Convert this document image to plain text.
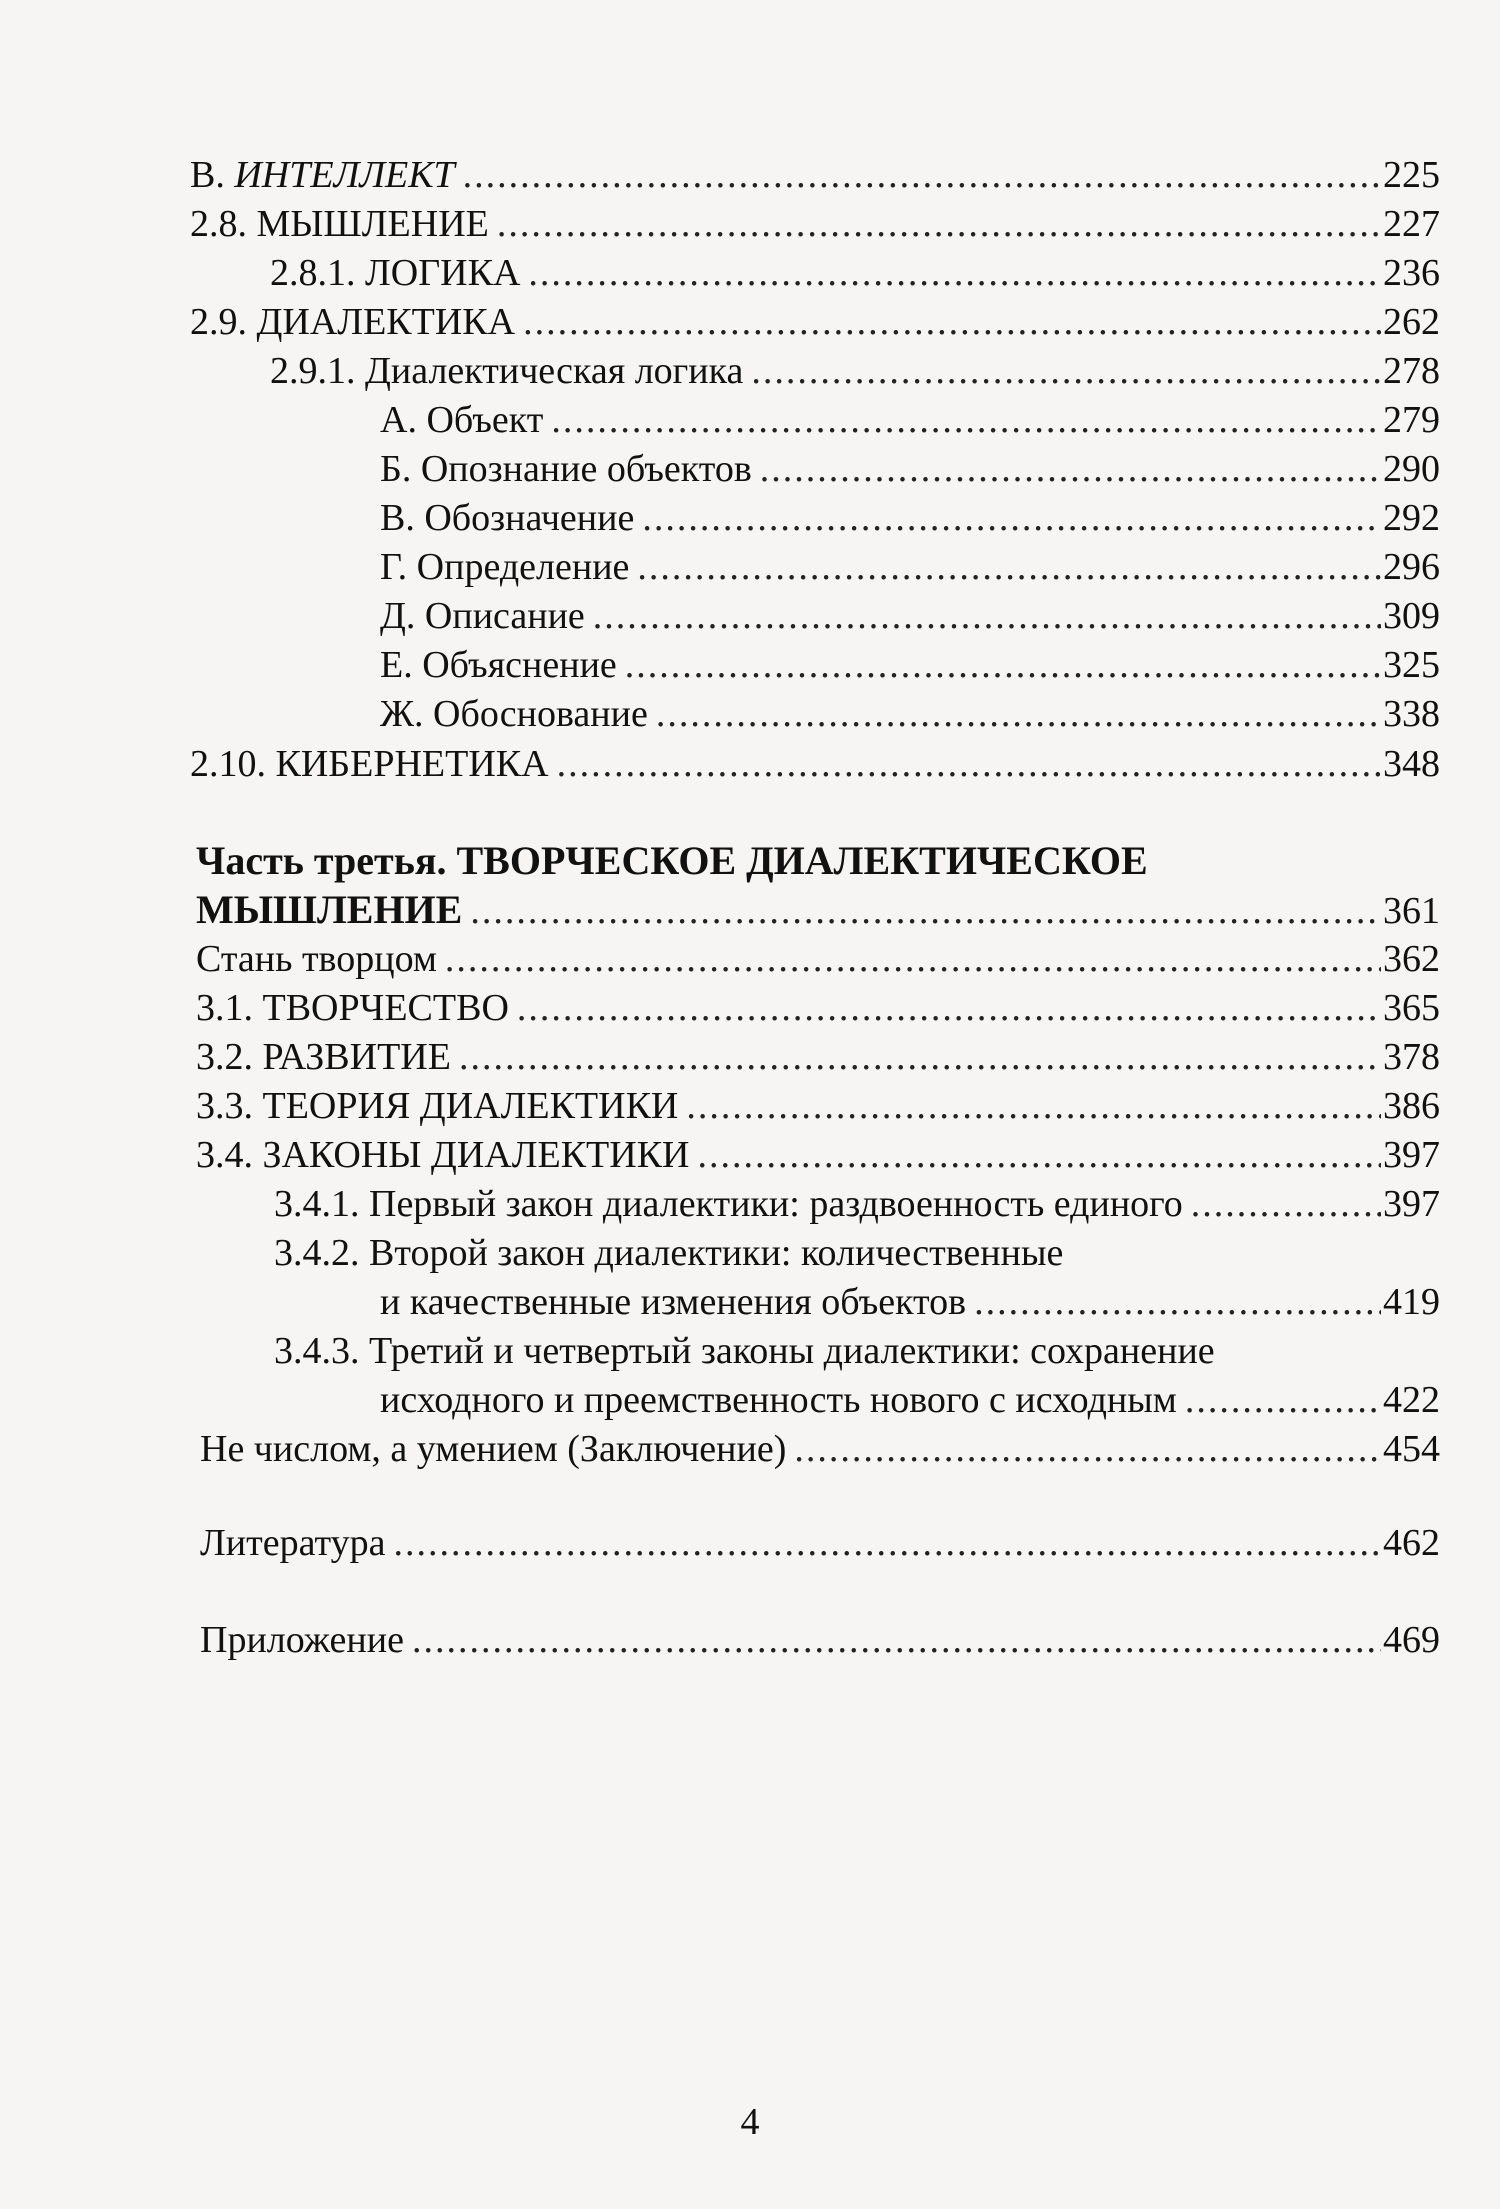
В. ИНТЕЛЛЕКТ .....	225
2.8. МЫШЛЕНИЕ .....	227
2.8.1. ЛОГИКА .....	236
2.9. ДИАЛЕКТИКА .....	262
2.9.1. Диалектическая логика .....	278
А. Объект .....	279
Б. Опознание объектов .....	290
В. Обозначение .....	292
Г. Определение .....	296
Д. Описание .....	309
Е. Объяснение .....	325
Ж. Обоснование .....	338
2.10. КИБЕРНЕТИКА .....	348
Часть третья. ТВОРЧЕСКОЕ ДИАЛЕКТИЧЕСКОЕ
МЫШЛЕНИЕ .....	361
Стань творцом .....	362
3.1. ТВОРЧЕСТВО .....	365
3.2. РАЗВИТИЕ .....	378
3.3. ТЕОРИЯ ДИАЛЕКТИКИ .....	386
3.4. ЗАКОНЫ ДИАЛЕКТИКИ .....	397
3.4.1. Первый закон диалектики: раздвоенность единого .....	397
3.4.2. Второй закон диалектики: количественные
и качественные изменения объектов .....	419
3.4.3. Третий и четвертый законы диалектики: сохранение
исходного и преемственность нового с исходным .....	422
Не числом, а умением (Заключение) .....	454
Литература .....	462
Приложение .....	469
4
